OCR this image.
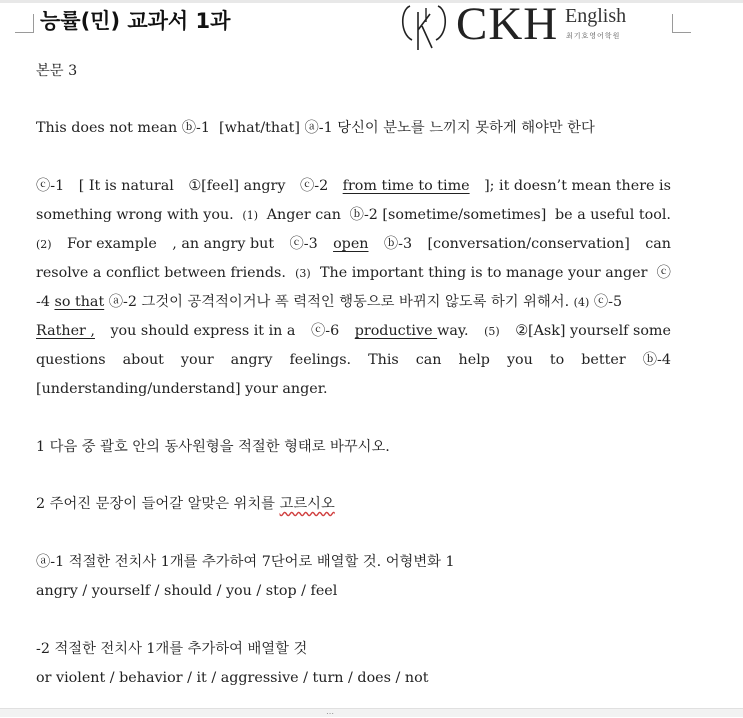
능률(민) 교과서 1과	CKH English
최기호영어학원
본문 3
This does not mean ⓑ-1 [what/that] ⓐ-1 당신이 분노를 느끼지 못하게 해야만 한다
ⓒ-1 [ It is natural ①[feel] angry ⓒ-2 from time to time ]; it doesn’t mean there is
something wrong with you. (1) Anger can ⓑ-2 [sometime/sometimes] be a useful tool.
(2) For example , an angry but ⓒ-3 open ⓑ-3 [conversation/conservation] can
resolve a conflict between friends. (3) The important thing is to manage your anger ⓒ
-4 so that ⓐ-2 그것이 공격적이거나 폭 력적인 행동으로 바뀌지 않도록 하기 위해서. (4) ⓒ-5
Rather , you should express it in a ⓒ-6 productive way. (5) ②[Ask] yourself some
questions about your angry feelings. This can help you to better ⓑ-4
[understanding/understand] your anger.
1 다음 중 괄호 안의 동사원형을 적절한 형태로 바꾸시오.
2 주어진 문장이 들어갈 알맞은 위치를 고르시오
ⓐ-1 적절한 전치사 1개를 추가하여 7단어로 배열할 것. 어형변화 1
angry / yourself / should / you / stop / feel
-2 적절한 전치사 1개를 추가하여 배열할 것
or violent / behavior / it / aggressive / turn / does / not
⋯
